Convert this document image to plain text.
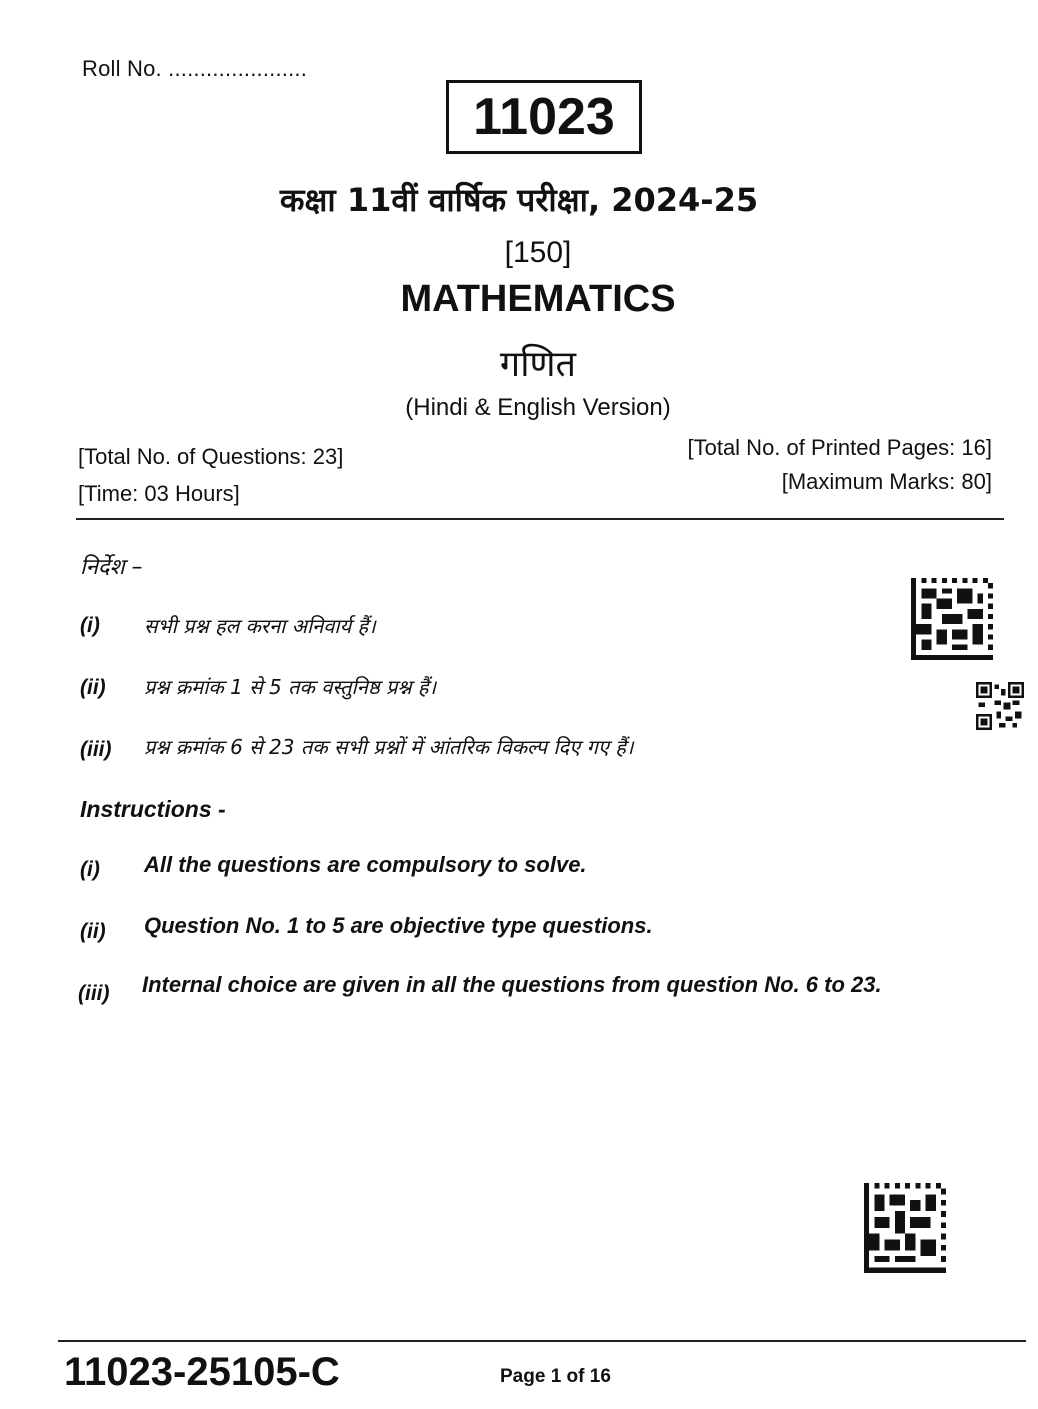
Roll No. ......................
11023
कक्षा 11वीं वार्षिक परीक्षा, 2024-25
[150]
MATHEMATICS
गणित
(Hindi & English Version)
[Total No. of Questions: 23]
[Time: 03 Hours]
[Total No. of Printed Pages: 16]
[Maximum Marks: 80]
निर्देश –
(i) सभी प्रश्न हल करना अनिवार्य हैं।
(ii) प्रश्न क्रमांक 1 से 5 तक वस्तुनिष्ठ प्रश्न हैं।
(iii) प्रश्न क्रमांक 6 से 23 तक सभी प्रश्नों में आंतरिक विकल्प दिए गए हैं।
Instructions -
(i) All the questions are compulsory to solve.
(ii) Question No. 1 to 5 are objective type questions.
(iii) Internal choice are given in all the questions from question No. 6 to 23.
11023-25105-C	Page 1 of 16
